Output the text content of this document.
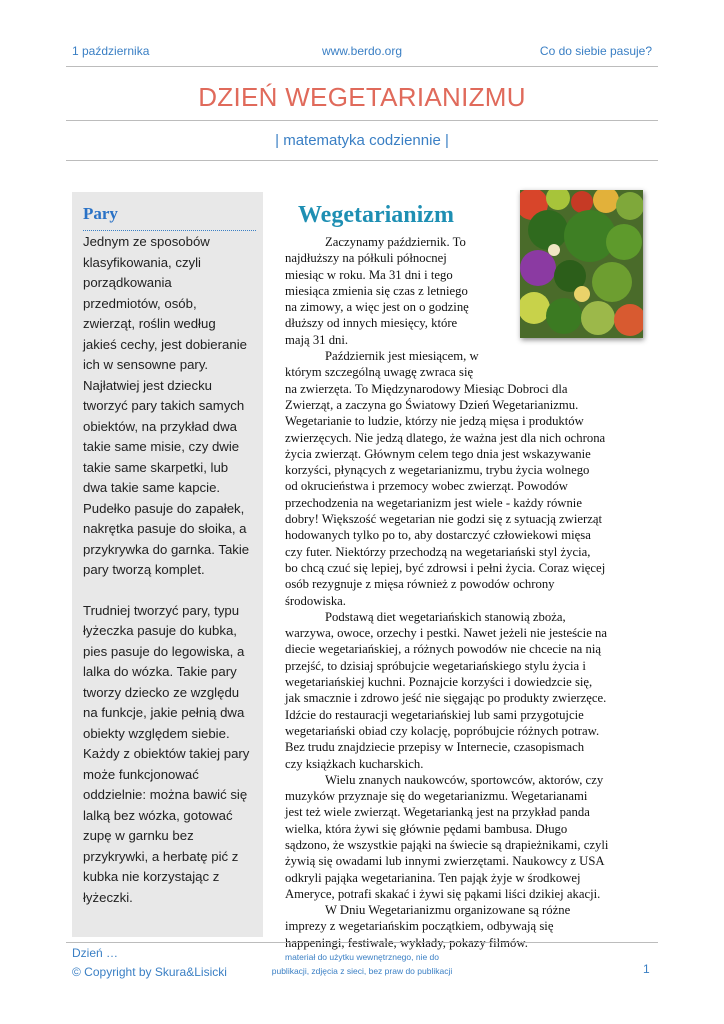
1 października	www.berdo.org	Co do siebie pasuje?
DZIEŃ WEGETARIANIZMU
| matematyka codziennie |
Pary

Jednym ze sposobów
klasyfikowania, czyli
porządkowania
przedmiotów, osób,
zwierząt, roślin według
jakieś cechy, jest dobieranie
ich w sensowne pary.
Najłatwiej jest dziecku
tworzyć pary takich samych
obiektów, na przykład dwa
takie same misie, czy dwie
takie same skarpetki, lub
dwa takie same kapcie.
Pudełko pasuje do zapałek,
nakrętka pasuje do słoika, a
przykrywka do garnka. Takie
pary tworzą komplet.

Trudniej tworzyć pary, typu
łyżeczka pasuje do kubka,
pies pasuje do legowiska, a
lalka do wózka. Takie pary
tworzy dziecko ze względu
na funkcje, jakie pełnią dwa
obiekty względem siebie.
Każdy z obiektów takiej pary
może funkcjonować
oddzielnie: można bawić się
lalką bez wózka, gotować
zupę w garnku bez
przykrywki, a herbatę pić z
kubka nie korzystając z
łyżeczki.

Wegetarianizm

Zaczynamy październik. To
najdłuższy na półkuli północnej
miesiąc w roku. Ma 31 dni i tego
miesiąca zmienia się czas z letniego
na zimowy, a więc jest on o godzinę
dłuższy od innych miesięcy, które
mają 31 dni.

Październik jest miesiącem, w
którym szczególną uwagę zwraca się
na zwierzęta. To Międzynarodowy Miesiąc Dobroci dla
Zwierząt, a zaczyna go Światowy Dzień Wegetarianizmu.
Wegetarianie to ludzie, którzy nie jedzą mięsa i produktów
zwierzęcych. Nie jedzą dlatego, że ważna jest dla nich ochrona
życia zwierząt. Głównym celem tego dnia jest wskazywanie
korzyści, płynących z wegetarianizmu, trybu życia wolnego
od okrucieństwa i przemocy wobec zwierząt. Powodów
przechodzenia na wegetarianizm jest wiele - każdy równie
dobry! Większość wegetarian nie godzi się z sytuacją zwierząt
hodowanych tylko po to, aby dostarczyć człowiekowi mięsa
czy futer. Niektórzy przechodzą na wegetariański styl życia,
bo chcą czuć się lepiej, być zdrowsi i pełni życia. Coraz więcej
osób rezygnuje z mięsa również z powodów ochrony
środowiska.

Podstawą diet wegetariańskich stanowią zboża,
warzywa, owoce, orzechy i pestki. Nawet jeżeli nie jesteście na
diecie wegetariańskiej, a różnych powodów nie chcecie na nią
przejść, to dzisiaj spróbujcie wegetariańskiego stylu życia i
wegetariańskiej kuchni. Poznajcie korzyści i dowiedzcie się,
jak smacznie i zdrowo jeść nie sięgając po produkty zwierzęce.
Idźcie do restauracji wegetariańskiej lub sami przygotujcie
wegetariański obiad czy kolację, popróbujcie różnych potraw.
Bez trudu znajdziecie przepisy w Internecie, czasopismach
czy książkach kucharskich.

Wielu znanych naukowców, sportowców, aktorów, czy
muzyków przyznaje się do wegetarianizmu. Wegetarianami
jest też wiele zwierząt. Wegetarianką jest na przykład panda
wielka, która żywi się głównie pędami bambusa. Długo
sądzono, że wszystkie pająki na świecie są drapieżnikami, czyli
żywią się owadami lub innymi zwierzętami. Naukowcy z USA
odkryli pająka wegetarianina. Ten pająk żyje w środkowej
Ameryce, potrafi skakać i żywi się pąkami liści dzikiej akacji.

W Dniu Wegetarianizmu organizowane są różne
imprezy z wegetariańskim początkiem, odbywają się

Dzień …
© Copyright by Skura&Lisicki
materiał do użytku wewnętrznego, nie do
publikacji, zdjęcia z sieci, bez praw do publikacji	1
